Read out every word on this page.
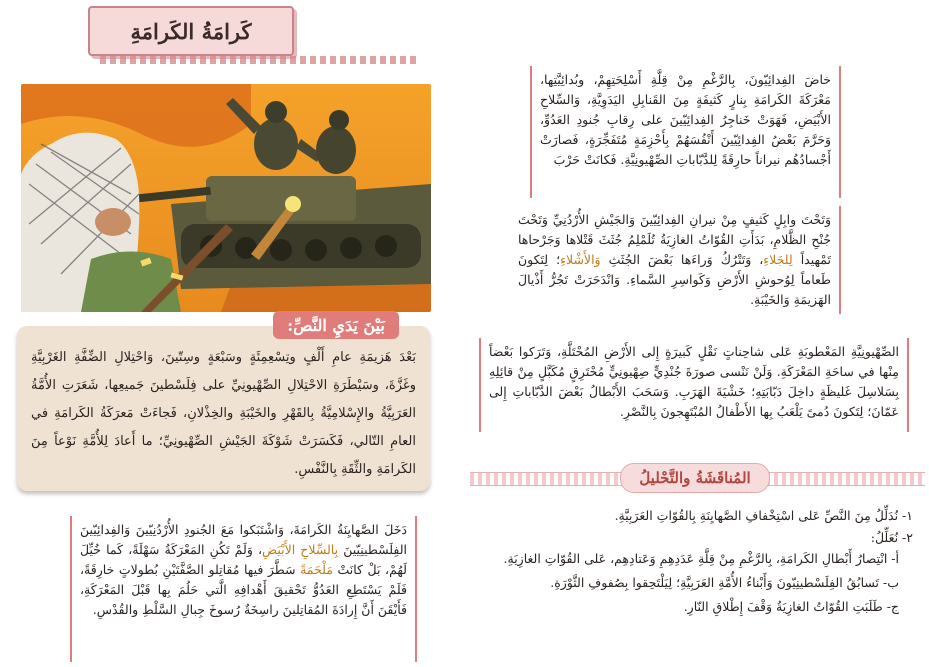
كَرامَةُ الكَرامَةِ
بَيْنَ يَدَيِ النَّصِّ:

بَعْدَ هَزيمَةِ عامِ أَلْفٍ وتِسْعِمِئَةٍ وسَبْعَةٍ وسِتّينَ، وَاحْتِلالِ الضِّفَّةِ الغَرْبِيَّةِ وغَزَّةَ، وسَيْطَرَةِ الاحْتِلالِ الصِّهْيونِيِّ على فِلَسْطينَ جَميعِها، شَعَرَتِ الأُمَّةُ العَرَبِيَّةُ والإِسْلامِيَّةُ بِالقَهْرِ والخَيْبَةِ والخِذْلانِ، فَجاءَتْ مَعرَكَةُ الكَرامَةِ في العامِ التّالي، فَكَسَرَتْ شَوْكَةَ الجَيْشِ الصِّهْيونِيِّ؛ ما أَعادَ لِلأُمَّةِ نَوْعاً مِنَ الكَرامَةِ والثِّقَةِ بِالنَّفْسِ.

خاضَ الفِدائِيّونَ، بِالرَّغْمِ مِنْ قِلَّةِ أَسْلِحَتِهِمْ، وبُدائِيَّتِها، مَعْرَكَةَ الكَرامَةِ بِنارٍ كَثيفَةٍ مِنَ القَنابِلِ اليَدَوِيَّةِ، وَالسِّلاحِ الأَبْيَضِ، فَهَوَتْ خَناجِرُ الفِدائِيّينَ على رِقابِ جُنودِ العَدُوِّ، وَحَرَّمَ بَعْضُ الفِدائِيّينَ أَنْفُسَهُمْ بِأَحْزِمَةٍ مُتَفَجِّرَةٍ، فَصارَتْ أَجْسادُهُم نيراناً حارِقَةً لِلدَّبّاباتِ الصِّهْيونِيَّةِ. فَكانَتْ حَرْبَ
وَتَحْتَ وابِلٍ كَثيفٍ مِنْ نيرانِ الفِدائِيّينَ وَالجَيْشِ الأُرْدُنِيِّ وَتَحْتَ جُنْحِ الظَّلامِ، بَدَأَتِ القُوّاتُ الغازِيَةُ تُلَمْلِمُ جُثَثَ قَتْلاها وَجَرْحاها تَمْهيداً لِلجَلاءِ، وَتَتْرُكُ وَراءَها بَعْضَ الجُثَثِ وَالأَشْلاءِ؛ لِتَكونَ طَعاماً لِوُحوشِ الأَرْضِ وَكَواسِرِ السَّماءِ. وَانْدَحَرَتْ تَجُرُّ أَذْيالَ الهَزيمَةِ وَالخَيْبَةِ.
الصِّهْيونِيَّةِ المَعْطوبَةِ عَلى شاحِناتٍ نَقْلٍ كَبيرَةٍ إِلى الأَرْضِ المُحْتَلَّةِ، وَتَرَكوا بَعْضاً مِنْها في ساحَةِ المَعْرَكَةِ. وَلَنْ نَنْسى صورَةَ جُنْدِيٍّ صِهْيونِيٍّ مُحْتَرِقٍ مُكَبَّلٍ مِنْ قائِلِهِ بِسَلاسِلَ غَليظَةٍ داخِلَ دَبّابَتِهِ؛ خَشْيَةَ الهَرَبِ. وَسَحَبَ الأَبْطالُ بَعْضَ الدَّبّاباتِ إِلى عَمّانَ؛ لِتَكونَ دُمىً يَلْعَبُ بِها الأَطْفالُ المُبْتَهِجونَ بِالنَّصْرِ.
دَخَلَ الصَّهايِنَةُ الكَرامَةَ، وَاشْتَبَكوا مَعَ الجُنودِ الأُرْدُنِيّينَ وَالفِدائِيّينَ الفِلَسْطينِيّينَ بِالسِّلاحِ الأَبْيَضِ، وَلَمْ تَكُنِ المَعْرَكَةُ سَهْلَةً، كَما خُيِّلَ لَهُمْ، بَلْ كانَتْ مَلْحَمَةً سَطَّرَ فيها مُقاتِلو الصَّفَّتَيْنِ بُطولاتٍ خارِقَةً، فَلَمْ يَسْتَطِعِ العَدُوُّ تَحْقيقَ أَهْدافِهِ الَّتي حَلُمَ بِها قَبْلَ المَعْرَكَةِ، فَأَيْقَنَ أَنَّ إِرادَةَ المُقاتِلينَ راسِخَةٌ رُسوخَ جِبالِ السَّلْطِ والقُدْسِ.
المُناقَشَةُ والتَّحْليلُ
١- نُدَلِّلُ مِنَ النَّصِّ عَلى اسْتِخْفافِ الصَّهايِنَةِ بِالقُوّاتِ العَرَبِيَّةِ.
٢- نُعَلِّلُ:
أ- انْتِصارُ أَبْطالِ الكَرامَةِ، بِالرَّغْمِ مِنْ قِلَّةِ عَدَدِهِمِ وَعَتادِهِم، عَلى القُوّاتِ الغازِيَةِ.
ب- تَسابُقُ الفِلَسْطينِيّونَ وَأَبْناءُ الأُمَّةِ العَرَبِيَّةِ؛ لِيَلْتَحِقوا بِصُفوفِ الثَّوْرَةِ.
ج- طَلَبَتِ القُوّاتُ الغازِيَةُ وَقْفَ إِطْلاقِ النّارِ.
